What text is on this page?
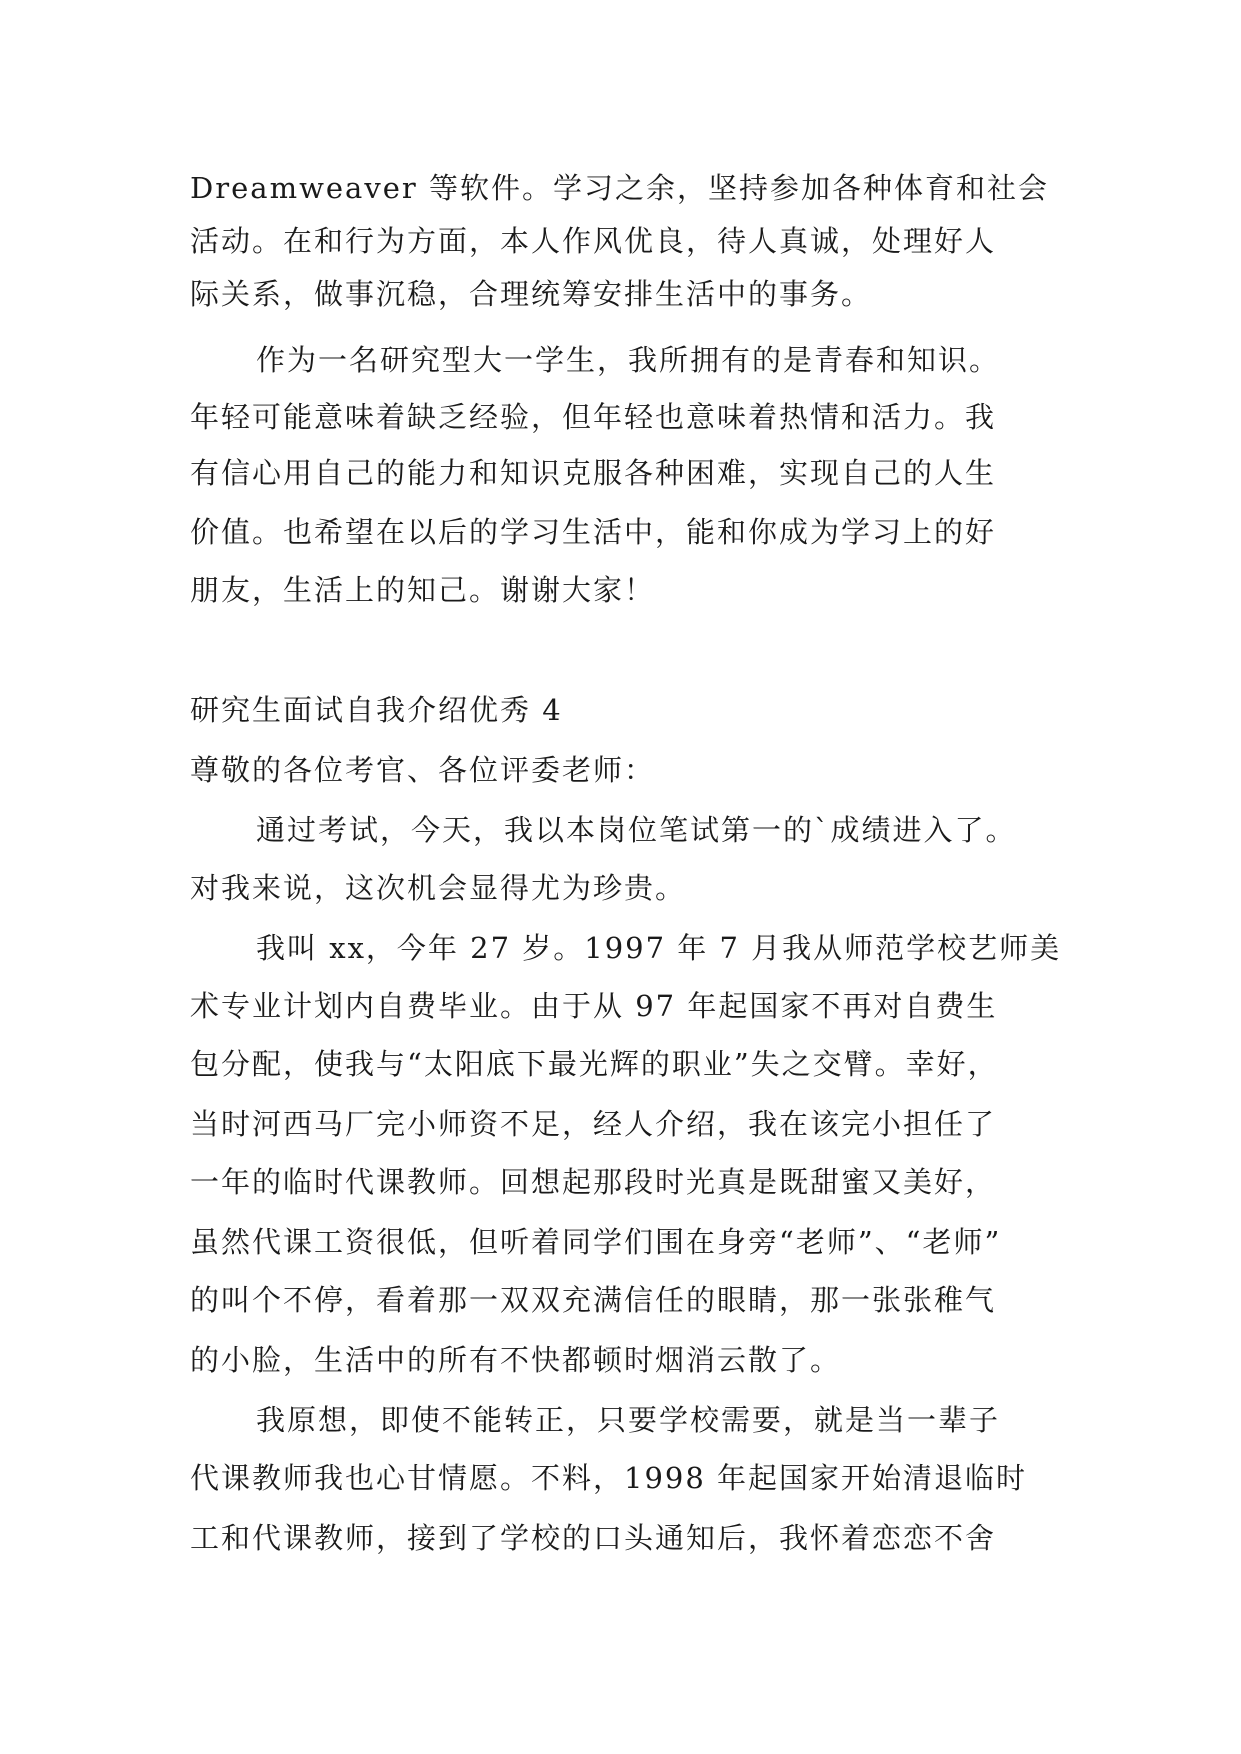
Dreamweaver 等软件。学习之余，坚持参加各种体育和社会
活动。在和行为方面，本人作风优良，待人真诚，处理好人
际关系，做事沉稳，合理统筹安排生活中的事务。
作为一名研究型大一学生，我所拥有的是青春和知识。
年轻可能意味着缺乏经验，但年轻也意味着热情和活力。我
有信心用自己的能力和知识克服各种困难，实现自己的人生
价值。也希望在以后的学习生活中，能和你成为学习上的好
朋友，生活上的知己。谢谢大家！
研究生面试自我介绍优秀 4
尊敬的各位考官、各位评委老师：
通过考试，今天，我以本岗位笔试第一的`成绩进入了。
对我来说，这次机会显得尤为珍贵。
我叫 xx，今年 27 岁。1997 年 7 月我从师范学校艺师美
术专业计划内自费毕业。由于从 97 年起国家不再对自费生
包分配，使我与“太阳底下最光辉的职业”失之交臂。幸好，
当时河西马厂完小师资不足，经人介绍，我在该完小担任了
一年的临时代课教师。回想起那段时光真是既甜蜜又美好，
虽然代课工资很低，但听着同学们围在身旁“老师”、“老师”
的叫个不停，看着那一双双充满信任的眼睛，那一张张稚气
的小脸，生活中的所有不快都顿时烟消云散了。
我原想，即使不能转正，只要学校需要，就是当一辈子
代课教师我也心甘情愿。不料，1998 年起国家开始清退临时
工和代课教师，接到了学校的口头通知后，我怀着恋恋不舍
